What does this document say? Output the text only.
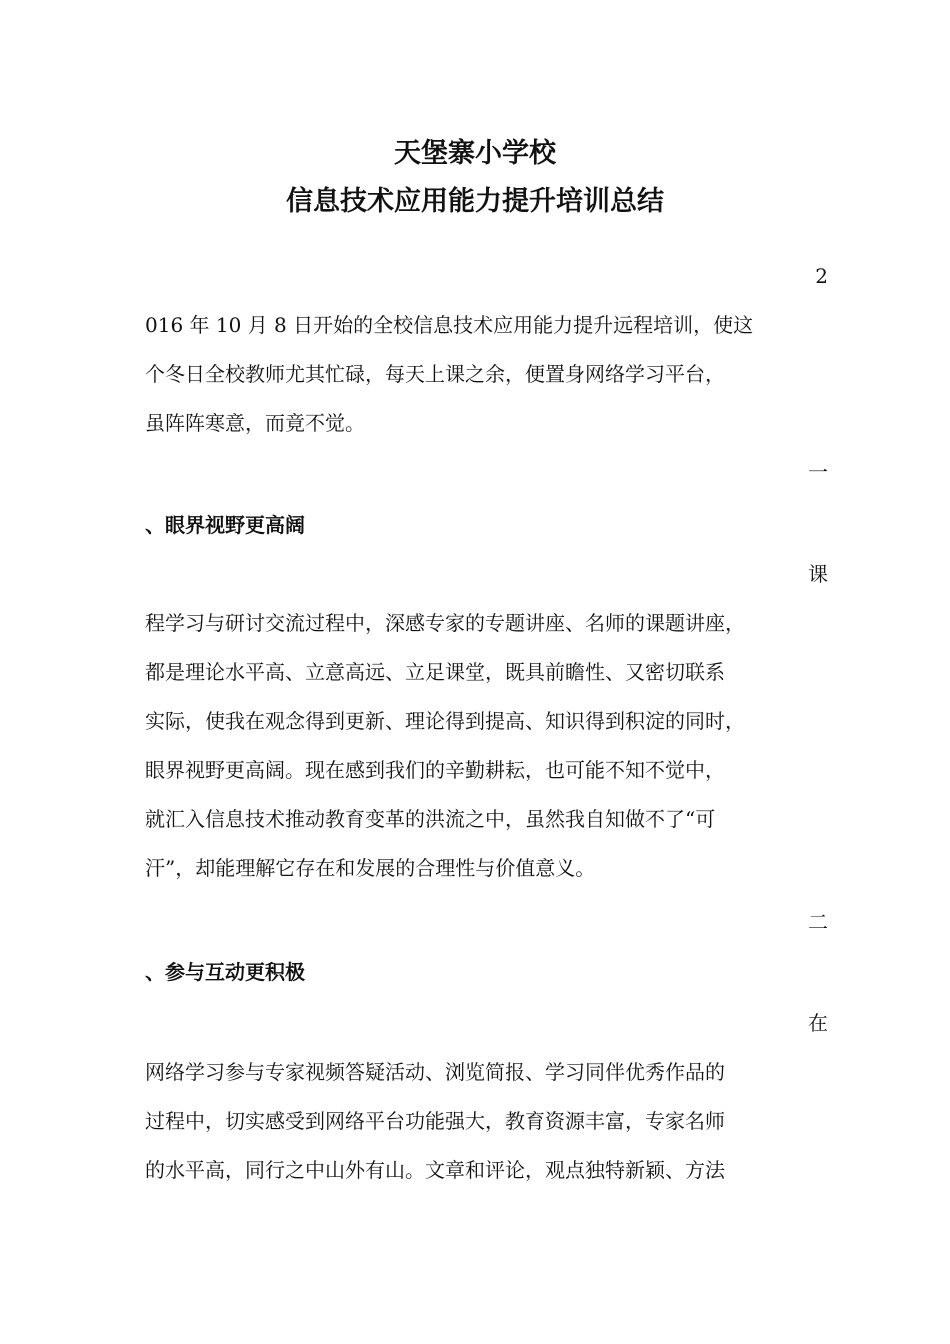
天堡寨小学校
信息技术应用能力提升培训总结

2

016 年 10 月 8 日开始的全校信息技术应用能力提升远程培训，使这

个冬日全校教师尤其忙碌，每天上课之余，便置身网络学习平台，

虽阵阵寒意，而竟不觉。

一

、眼界视野更高阔

课

程学习与研讨交流过程中，深感专家的专题讲座、名师的课题讲座，

都是理论水平高、立意高远、立足课堂，既具前瞻性、又密切联系

实际，使我在观念得到更新、理论得到提高、知识得到积淀的同时，

眼界视野更高阔。现在感到我们的辛勤耕耘，也可能不知不觉中，

就汇入信息技术推动教育变革的洪流之中，虽然我自知做不了“可

汗”，却能理解它存在和发展的合理性与价值意义。

二

、参与互动更积极

在

网络学习参与专家视频答疑活动、浏览简报、学习同伴优秀作品的

过程中，切实感受到网络平台功能强大，教育资源丰富，专家名师

的水平高，同行之中山外有山。文章和评论，观点独特新颖、方法
